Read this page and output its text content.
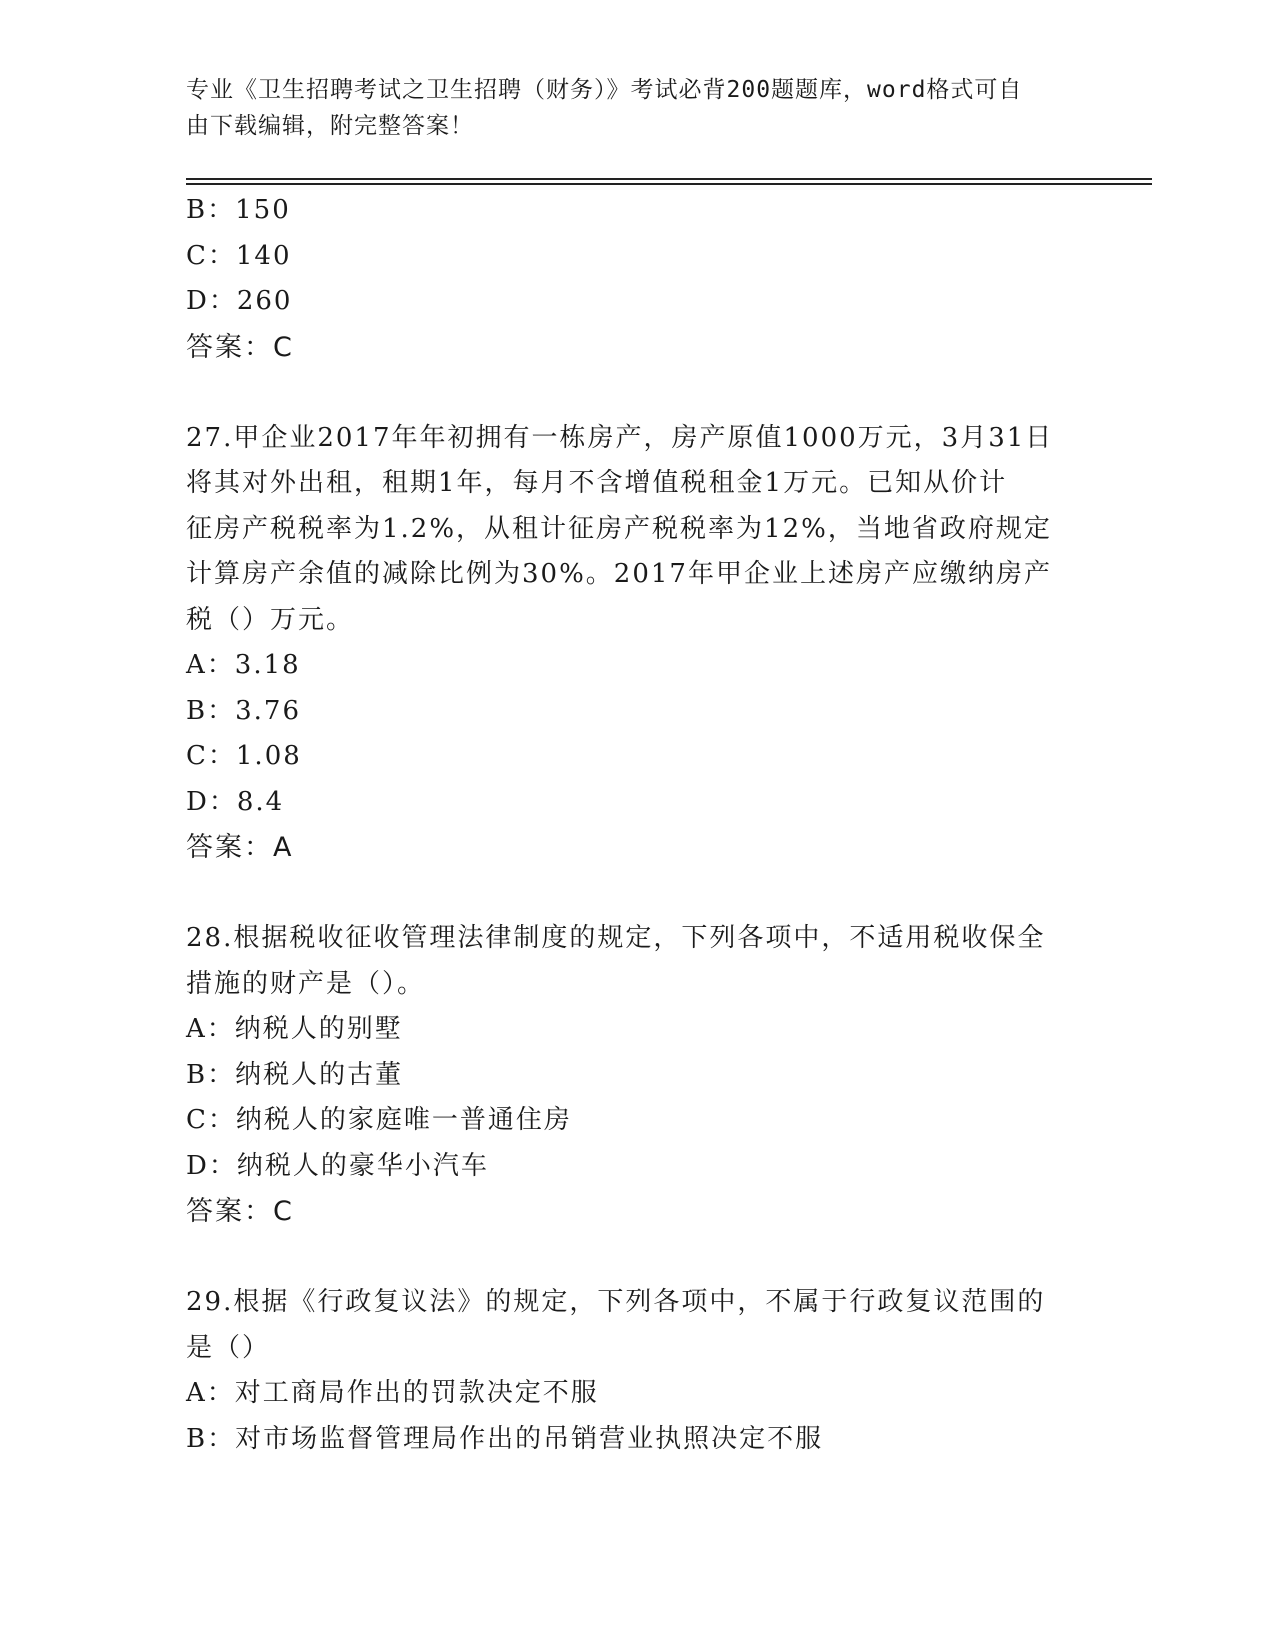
专业《卫生招聘考试之卫生招聘（财务）》考试必背200题题库，word格式可自
由下载编辑，附完整答案！
B：150
C：140
D：260
答案：C
27.甲企业2017年年初拥有一栋房产，房产原值1000万元，3月31日
将其对外出租，租期1年，每月不含增值税租金1万元。已知从价计
征房产税税率为1.2%，从租计征房产税税率为12%，当地省政府规定
计算房产余值的减除比例为30%。2017年甲企业上述房产应缴纳房产
税（）万元。
A：3.18
B：3.76
C：1.08
D：8.4
答案：A
28.根据税收征收管理法律制度的规定，下列各项中，不适用税收保全
措施的财产是（）。
A：纳税人的别墅
B：纳税人的古董
C：纳税人的家庭唯一普通住房
D：纳税人的豪华小汽车
答案：C
29.根据《行政复议法》的规定，下列各项中，不属于行政复议范围的
是（）
A：对工商局作出的罚款决定不服
B：对市场监督管理局作出的吊销营业执照决定不服
